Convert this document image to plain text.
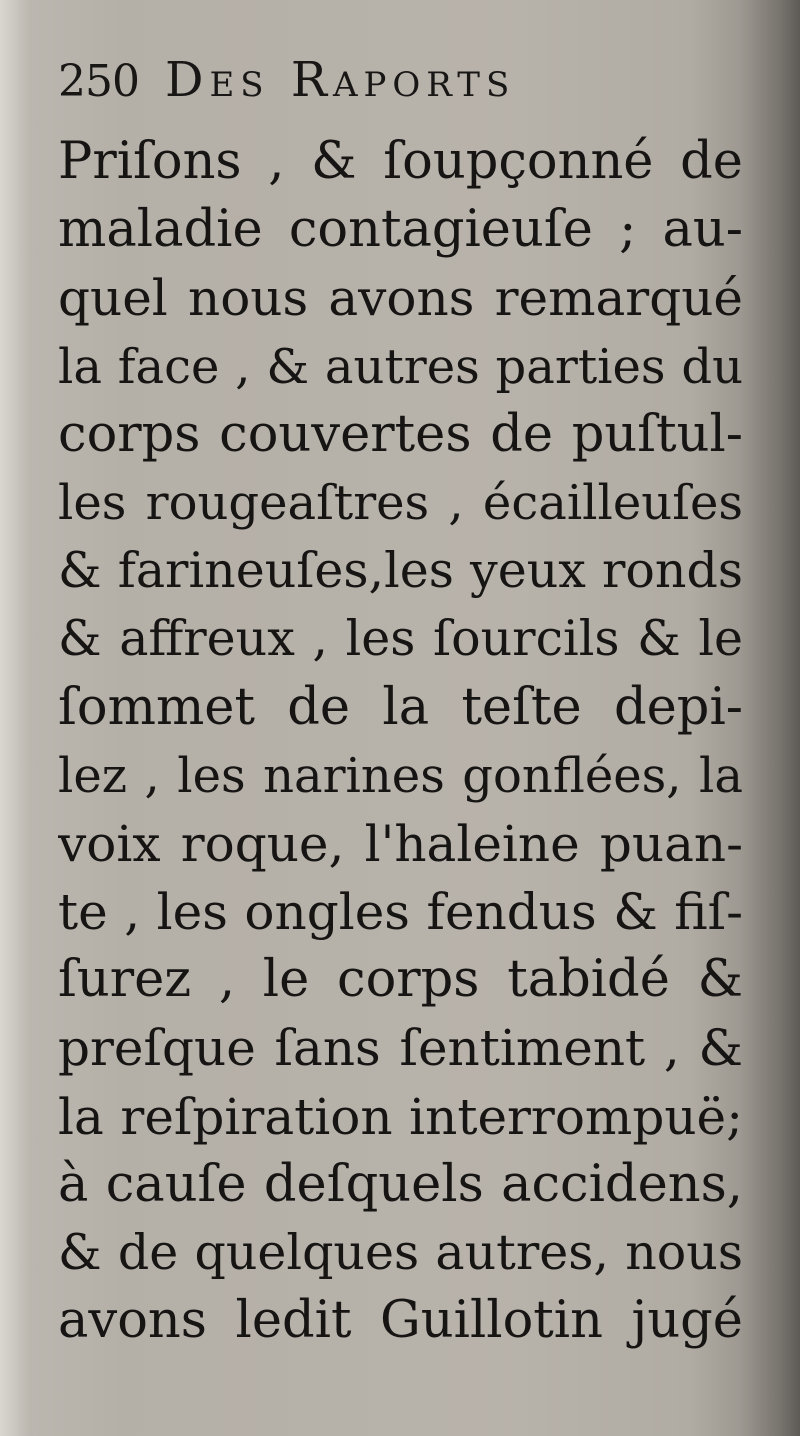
250 Des Raports
Priſons , & ſoupçonné de
maladie contagieuſe ; au-
quel nous avons remarqué
la face , & autres parties du
corps couvertes de puſtul-
les rougeaſtres , écailleuſes
& farineuſes,les yeux ronds
& affreux , les ſourcils & le
ſommet de la teſte depi-
lez , les narines gonflées, la
voix roque, l'haleine puan-
te , les ongles fendus & fiſ-
ſurez , le corps tabidé &
preſque ſans ſentiment , &
la reſpiration interrompuë;
à cauſe deſquels accidens,
& de quelques autres, nous
avons ledit Guillotin jugé
